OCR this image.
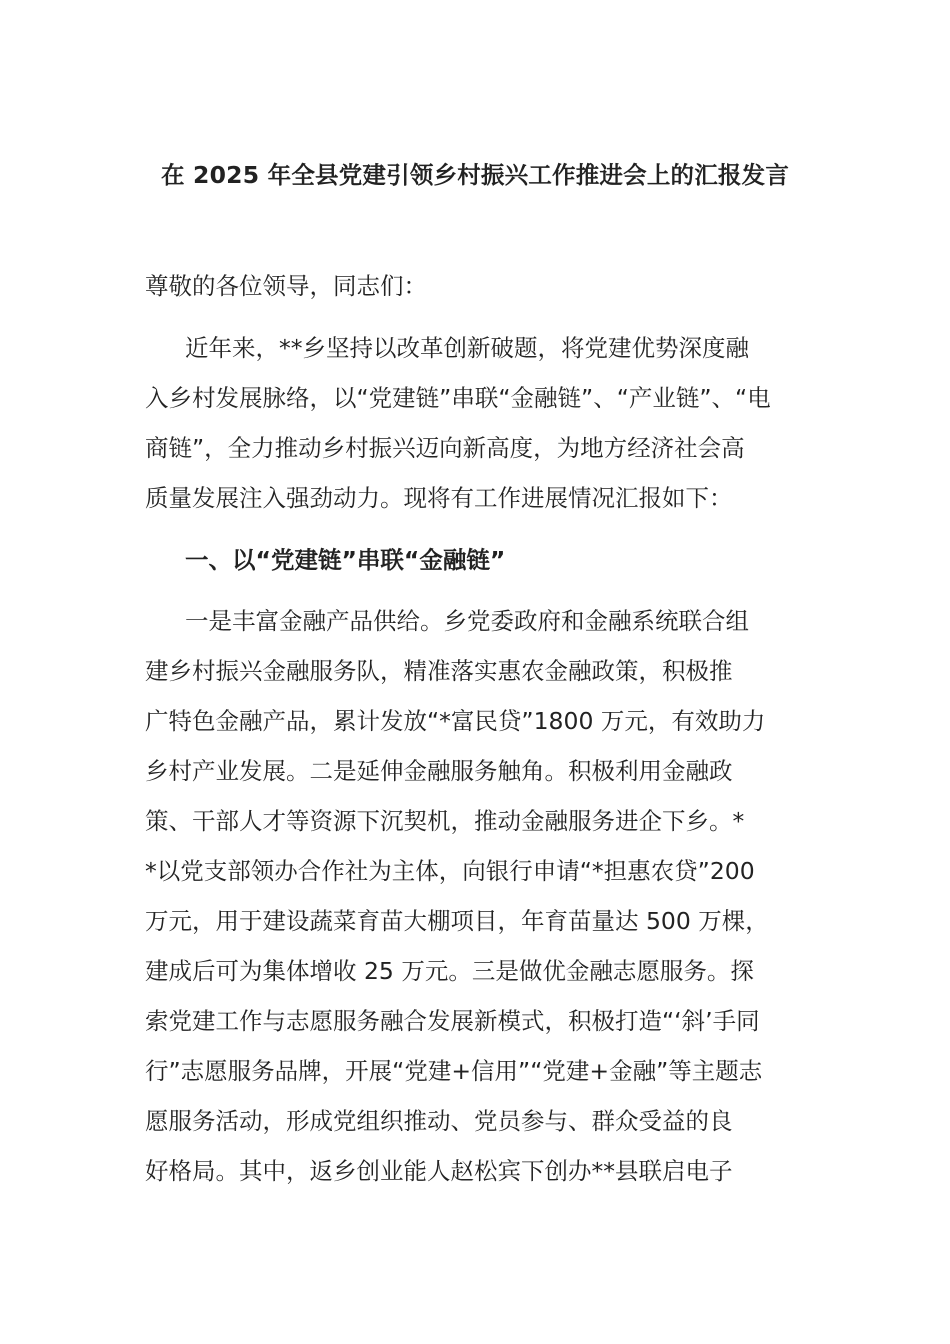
在 2025 年全县党建引领乡村振兴工作推进会上的汇报发言
尊敬的各位领导，同志们：
近年来，**乡坚持以改革创新破题，将党建优势深度融
入乡村发展脉络，以“党建链”串联“金融链”、“产业链”、“电
商链”，全力推动乡村振兴迈向新高度，为地方经济社会高
质量发展注入强劲动力。现将有工作进展情况汇报如下：
一、以“党建链”串联“金融链”
一是丰富金融产品供给。乡党委政府和金融系统联合组
建乡村振兴金融服务队，精准落实惠农金融政策，积极推
广特色金融产品，累计发放“*富民贷”1800 万元，有效助力
乡村产业发展。二是延伸金融服务触角。积极利用金融政
策、干部人才等资源下沉契机，推动金融服务进企下乡。*
*以党支部领办合作社为主体，向银行申请“*担惠农贷”200
万元，用于建设蔬菜育苗大棚项目，年育苗量达 500 万棵，
建成后可为集体增收 25 万元。三是做优金融志愿服务。探
索党建工作与志愿服务融合发展新模式，积极打造“‘斜’手同
行”志愿服务品牌，开展“党建+信用”“党建+金融”等主题志
愿服务活动，形成党组织推动、党员参与、群众受益的良
好格局。其中，返乡创业能人赵松宾下创办**县联启电子
